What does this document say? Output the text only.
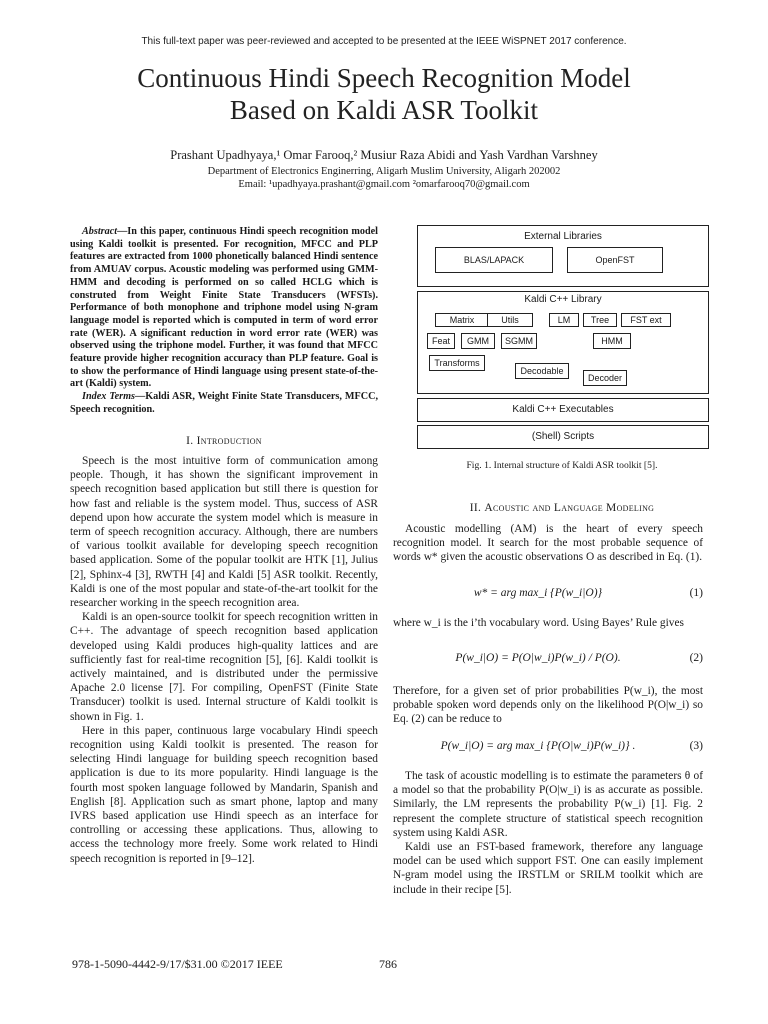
This full-text paper was peer-reviewed and accepted to be presented at the IEEE WiSPNET 2017 conference.
Continuous Hindi Speech Recognition Model
Based on Kaldi ASR Toolkit
Prashant Upadhyaya,¹ Omar Farooq,² Musiur Raza Abidi and Yash Vardhan Varshney
Department of Electronics Enginerring, Aligarh Muslim University, Aligarh 202002
Email: ¹upadhyaya.prashant@gmail.com ²omarfarooq70@gmail.com

Abstract—In this paper, continuous Hindi speech recognition model using Kaldi toolkit is presented. For recognition, MFCC and PLP features are extracted from 1000 phonetically balanced Hindi sentence from AMUAV corpus. Acoustic modeling was performed using GMM-HMM and decoding is performed on so called HCLG which is construted from Weight Finite State Transducers (WFSTs). Performance of both monophone and triphone model using N-gram language model is reported which is computed in term of word error rate (WER). A significant reduction in word error rate (WER) was observed using the triphone model. Further, it was found that MFCC feature provide higher recognition accuracy than PLP feature. Goal is to show the performance of Hindi language using present state-of-the-art (Kaldi) system.

Index Terms—Kaldi ASR, Weight Finite State Transducers, MFCC, Speech recognition.

I. Introduction

Speech is the most intuitive form of communication among people. Though, it has shown the significant improvement in speech recognition based application but still there is question for how fast and reliable is the system model. Thus, success of ASR depend upon how accurate the system model which is measure in term of speech recognition accuracy. Although, there are numbers of various toolkit available for developing speech recognition based application. Some of the popular toolkit are HTK [1], Julius [2], Sphinx-4 [3], RWTH [4] and Kaldi [5] ASR toolkit. Recently, Kaldi is one of the most popular and state-of-the-art toolkit for the researcher working in the speech recognition area.

Kaldi is an open-source toolkit for speech recognition written in C++. The advantage of speech recognition based application developed using Kaldi produces high-quality lattices and are sufficiently fast for real-time recognition [5], [6]. Kaldi toolkit is actively maintained, and is distributed under the permissive Apache 2.0 license [7]. For compiling, OpenFST (Finite State Transducer) toolkit is used. Internal structure of Kaldi toolkit is shown in Fig. 1.

Here in this paper, continuous large vocabulary Hindi speech recognition using Kaldi toolkit is presented. The reason for selecting Hindi language for building speech recognition based application is due to its more popularity. Hindi language is the fourth most spoken language followed by Mandarin, Spanish and English [8]. Application such as smart phone, laptop and many IVRS based application use Hindi speech as an interface for controlling or accessing these applications. Thus, allowing to access the technology more freely. Some work related to Hindi speech recognition is reported in [9–12].

External Libraries
BLAS/LAPACK	OpenFST
Kaldi C++ Library
Matrix	Utils	LM	Tree	FST ext
Feat	GMM	SGMM	HMM
Transforms
Decodable
Decoder
Kaldi C++ Executables
(Shell) Scripts
Fig. 1. Internal structure of Kaldi ASR toolkit [5].
II. Acoustic and Language Modeling

Acoustic modelling (AM) is the heart of every speech recognition model. It search for the most probable sequence of words w* given the acoustic observations O as described in Eq. (1).

w* = arg max_i {P(w_i|O)}	(1)

where w_i is the i’th vocabulary word. Using Bayes’ Rule gives

P(w_i|O) = P(O|w_i)P(w_i) / P(O).	(2)

Therefore, for a given set of prior probabilities P(w_i), the most probable spoken word depends only on the likelihood P(O|w_i) so Eq. (2) can be reduce to

P(w_i|O) = arg max_i {P(O|w_i)P(w_i)} .	(3)

The task of acoustic modelling is to estimate the parameters θ of a model so that the probability P(O|w_i) is as accurate as possible. Similarly, the LM represents the probability P(w_i) [1]. Fig. 2 represent the complete structure of statistical speech recognition system using Kaldi ASR.

Kaldi use an FST-based framework, therefore any language model can be used which support FST. One can easily implement N-gram model using the IRSTLM or SRILM toolkit which are include in their recipe [5].

978-1-5090-4442-9/17/$31.00 ©2017 IEEE	786
